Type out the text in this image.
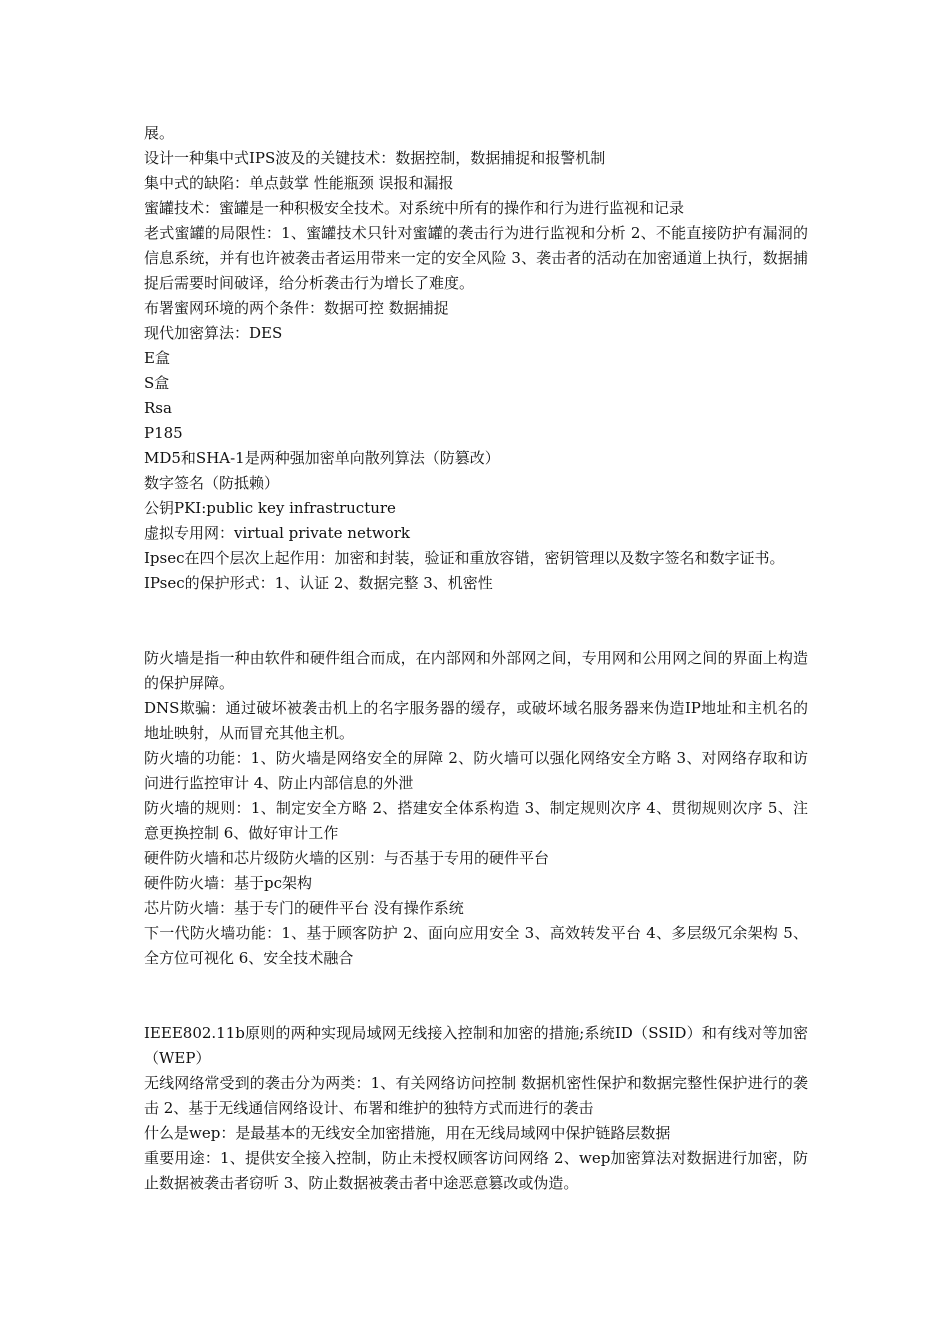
展。

设计一种集中式IPS波及的关键技术：数据控制，数据捕捉和报警机制

集中式的缺陷：单点鼓掌 性能瓶颈 误报和漏报

蜜罐技术：蜜罐是一种积极安全技术。对系统中所有的操作和行为进行监视和记录

老式蜜罐的局限性：1、蜜罐技术只针对蜜罐的袭击行为进行监视和分析 2、不能直接防护有漏洞的信息系统，并有也许被袭击者运用带来一定的安全风险 3、袭击者的活动在加密通道上执行，数据捕捉后需要时间破译，给分析袭击行为增长了难度。

布署蜜网环境的两个条件：数据可控 数据捕捉

现代加密算法：DES

E盒

S盒

Rsa

P185

MD5和SHA-1是两种强加密单向散列算法（防篡改）

数字签名（防抵赖）

公钥PKI:public key infrastructure

虚拟专用网：virtual private network

Ipsec在四个层次上起作用：加密和封装，验证和重放容错，密钥管理以及数字签名和数字证书。

IPsec的保护形式：1、认证 2、数据完整 3、机密性

防火墙是指一种由软件和硬件组合而成，在内部网和外部网之间，专用网和公用网之间的界面上构造的保护屏障。

DNS欺骗：通过破坏被袭击机上的名字服务器的缓存，或破坏域名服务器来伪造IP地址和主机名的地址映射，从而冒充其他主机。

防火墙的功能：1、防火墙是网络安全的屏障 2、防火墙可以强化网络安全方略 3、对网络存取和访问进行监控审计 4、防止内部信息的外泄

防火墙的规则：1、制定安全方略 2、搭建安全体系构造 3、制定规则次序 4、贯彻规则次序 5、注意更换控制 6、做好审计工作

硬件防火墙和芯片级防火墙的区别：与否基于专用的硬件平台

硬件防火墙：基于pc架构

芯片防火墙：基于专门的硬件平台 没有操作系统

下一代防火墙功能：1、基于顾客防护 2、面向应用安全 3、高效转发平台 4、多层级冗余架构 5、全方位可视化 6、安全技术融合

IEEE802.11b原则的两种实现局域网无线接入控制和加密的措施;系统ID（SSID）和有线对等加密（WEP）

无线网络常受到的袭击分为两类：1、有关网络访问控制 数据机密性保护和数据完整性保护进行的袭击 2、基于无线通信网络设计、布署和维护的独特方式而进行的袭击

什么是wep：是最基本的无线安全加密措施，用在无线局域网中保护链路层数据

重要用途：1、提供安全接入控制，防止未授权顾客访问网络 2、wep加密算法对数据进行加密，防止数据被袭击者窃听 3、防止数据被袭击者中途恶意篡改或伪造。
